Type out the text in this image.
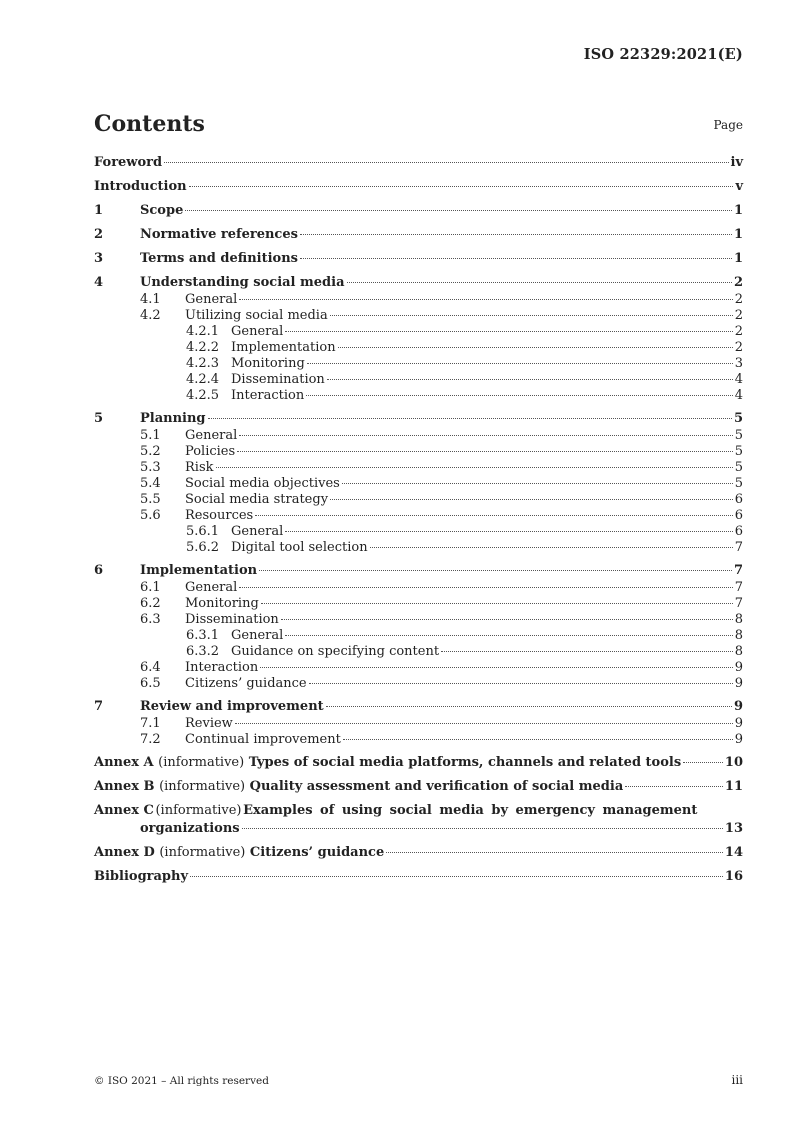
ISO 22329:2021(E)
Contents	Page
Foreword	iv
Introduction	v
1	Scope	1
2	Normative references	1
3	Terms and definitions	1
4	Understanding social media	2
4.1 General	2
4.2 Utilizing social media	2
4.2.1 General	2
4.2.2 Implementation	2
4.2.3 Monitoring	3
4.2.4 Dissemination	4
4.2.5 Interaction	4
5	Planning	5
5.1 General	5
5.2 Policies	5
5.3 Risk	5
5.4 Social media objectives	5
5.5 Social media strategy	6
5.6 Resources	6
5.6.1 General	6
5.6.2 Digital tool selection	7
6	Implementation	7
6.1 General	7
6.2 Monitoring	7
6.3 Dissemination	8
6.3.1 General	8
6.3.2 Guidance on specifying content	8
6.4 Interaction	9
6.5 Citizens’ guidance	9
7	Review and improvement	9
7.1 Review	9
7.2 Continual improvement	9
Annex A (informative) Types of social media platforms, channels and related tools	10
Annex B (informative) Quality assessment and verification of social media	11
Annex C (informative) Examples of using social media by emergency management
organizations	13
Annex D (informative) Citizens’ guidance	14
Bibliography	16
© ISO 2021 – All rights reserved	iii
